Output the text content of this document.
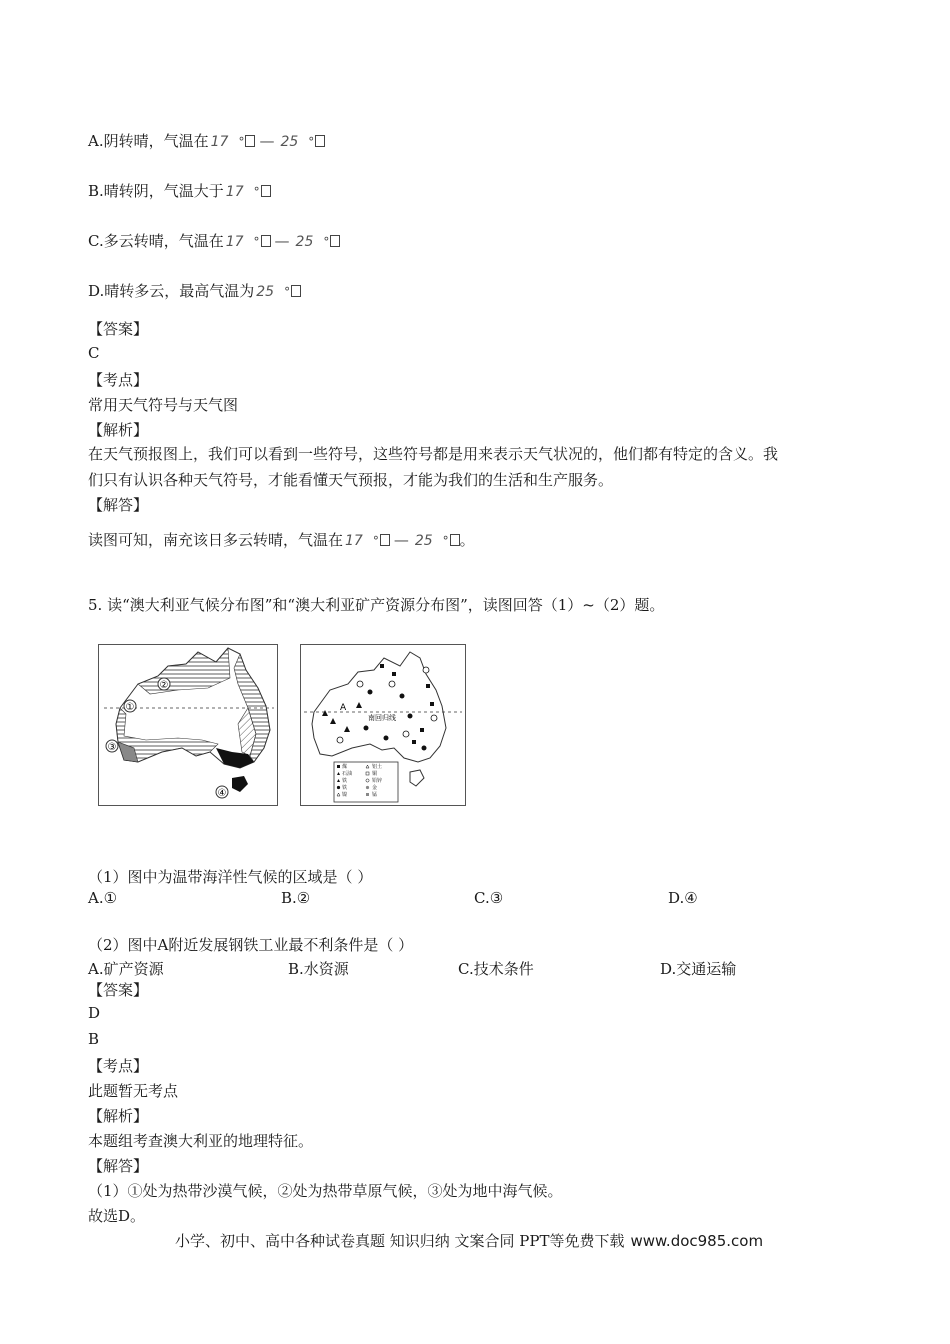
A.阴转晴，气温在 17 ° — 25 °
B.晴转阴，气温大于 17 °
C.多云转晴，气温在 17 ° — 25 °
D.晴转多云，最高气温为 25 °
【答案】
C
【考点】
常用天气符号与天气图
【解析】
在天气预报图上，我们可以看到一些符号，这些符号都是用来表示天气状况的，他们都有特定的含义。我
们只有认识各种天气符号，才能看懂天气预报，才能为我们的生活和生产服务。
【解答】
读图可知，南充该日多云转晴，气温在 17 ° — 25 ° 。
5. 读“澳大利亚气候分布图”和“澳大利亚矿产资源分布图”，读图回答（1）~（2）题。
②
①
③
④
南回归线
A
煤	铝土
石油	铜
铁	铅锌
铁	金
镍	锰
（1）图中为温带海洋性气候的区域是（ ）
A.①	B.②	C.③	D.④
（2）图中A附近发展钢铁工业最不利条件是（ ）
A.矿产资源	B.水资源	C.技术条件	D.交通运输
【答案】
D
B
【考点】
此题暂无考点
【解析】
本题组考查澳大利亚的地理特征。
【解答】
（1）①处为热带沙漠气候，②处为热带草原气候，③处为地中海气候。
故选D。
小学、初中、高中各种试卷真题 知识归纳 文案合同 PPT等免费下载 www.doc985.com
